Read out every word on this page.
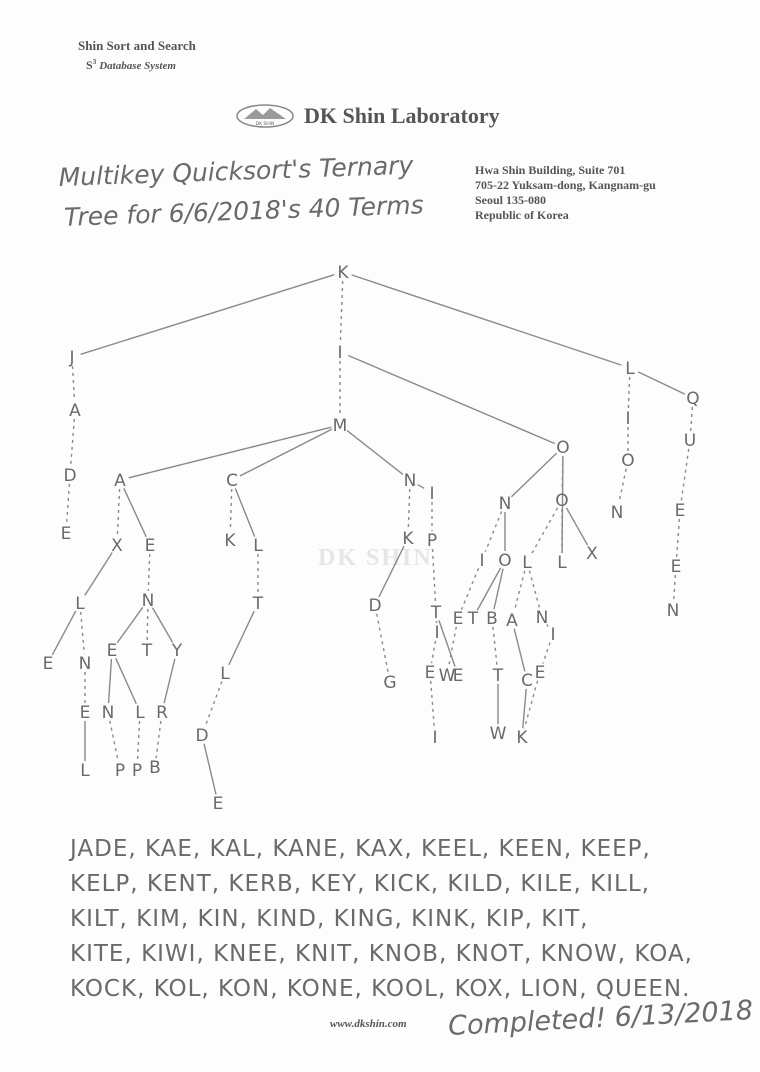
Shin Sort and Search
$S^3$ Database System
DK SHIN DK Shin Laboratory
Hwa Shin Building, Suite 701
705-22 Yuksam-dong, Kangnam-gu
Seoul 135-080
Republic of Korea
Multikey Quicksort's Ternary
Tree for 6/6/2018's 40 Terms
DK SHIN
K
J	I
L
Q
A
D
E
M
O
I
O
N
U
E
E
N
A	C	N
I	N	O
X
X E	K L	K P
I O L L
L	N	T
E N
E T Y
L
D	T
I
E T B A N
I
E N L R
G E W
E T C E
L P P B
D	I	W K
E
JADE, KAE, KAL, KANE, KAX, KEEL, KEEN, KEEP,
KELP, KENT, KERB, KEY, KICK, KILD, KILE, KILL,
KILT, KIM, KIN, KIND, KING, KINK, KIP, KIT,
KITE, KIWI, KNEE, KNIT, KNOB, KNOT, KNOW, KOA,
KOCK, KOL, KON, KONE, KOOL, KOX, LION, QUEEN.
www.dkshin.com Completed! 6/13/2018
